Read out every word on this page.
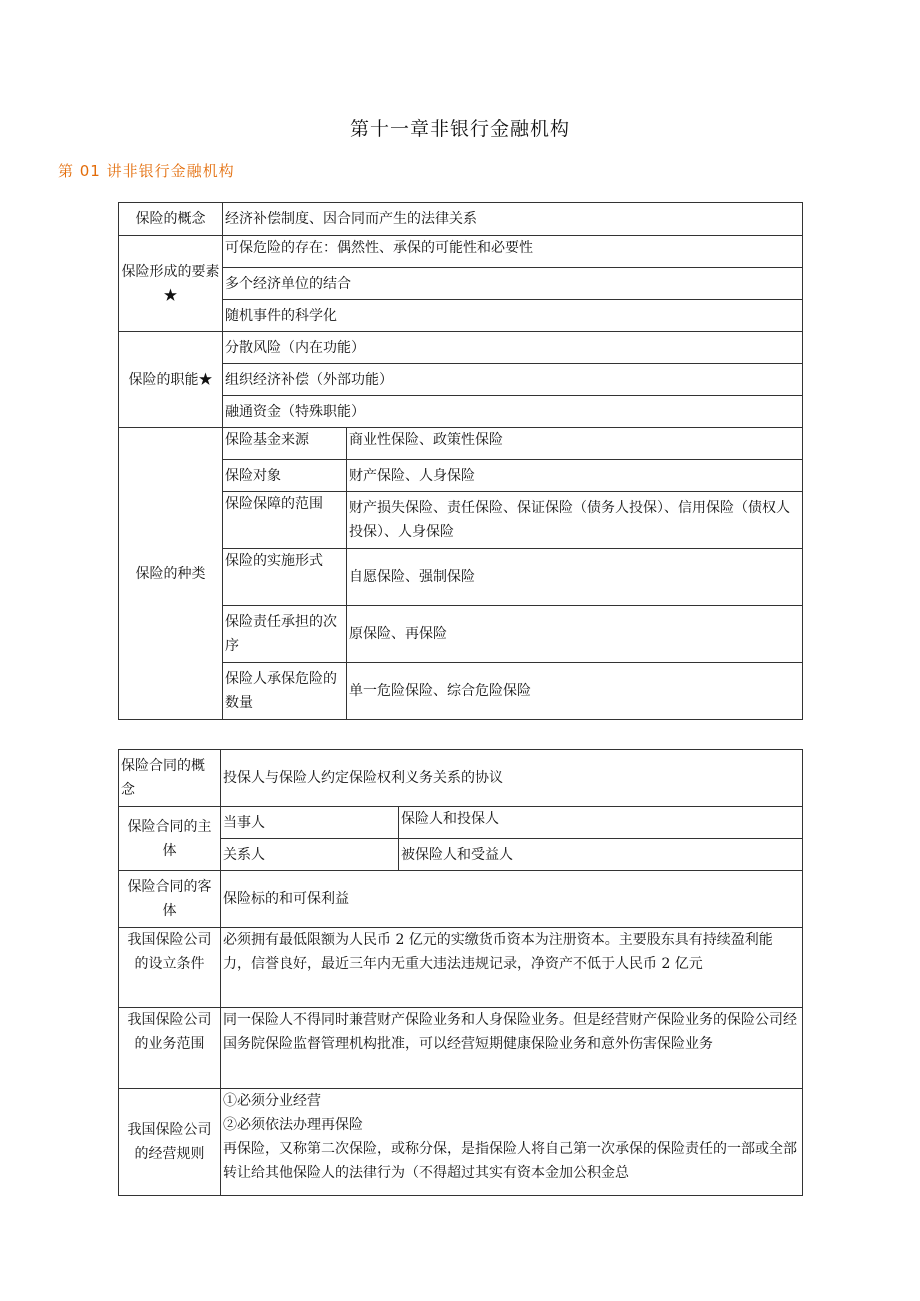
第十一章非银行金融机构
第 01 讲非银行金融机构
保险的概念	经济补偿制度、因合同而产生的法律关系	
保险形成的要素★	可保危险的存在：偶然性、承保的可能性和必要性	
	多个经济单位的结合	
	随机事件的科学化	
保险的职能★	分散风险（内在功能）	
	组织经济补偿（外部功能）	
	融通资金（特殊职能）	
保险的种类	保险基金来源	商业性保险、政策性保险
	保险对象	财产保险、人身保险
	保险保障的范围	财产损失保险、责任保险、保证保险（债务人投保）、信用保险（债权人投保）、人身保险
	保险的实施形式	自愿保险、强制保险
	保险责任承担的次序	原保险、再保险
	保险人承保危险的数量	单一危险保险、综合危险保险
保险合同的概念	投保人与保险人约定保险权利义务关系的协议	
保险合同的主体	当事人	保险人和投保人
	关系人	被保险人和受益人
保险合同的客体	保险标的和可保利益	
我国保险公司的设立条件	必须拥有最低限额为人民币 2 亿元的实缴货币资本为注册资本。主要股东具有持续盈利能力，信誉良好，最近三年内无重大违法违规记录，净资产不低于人民币 2 亿元	
我国保险公司的业务范围	同一保险人不得同时兼营财产保险业务和人身保险业务。但是经营财产保险业务的保险公司经国务院保险监督管理机构批准，可以经营短期健康保险业务和意外伤害保险业务	
我国保险公司的经营规则	①必须分业经营
②必须依法办理再保险
再保险，又称第二次保险，或称分保，是指保险人将自己第一次承保的保险责任的一部或全部转让给其他保险人的法律行为（不得超过其实有资本金加公积金总	
